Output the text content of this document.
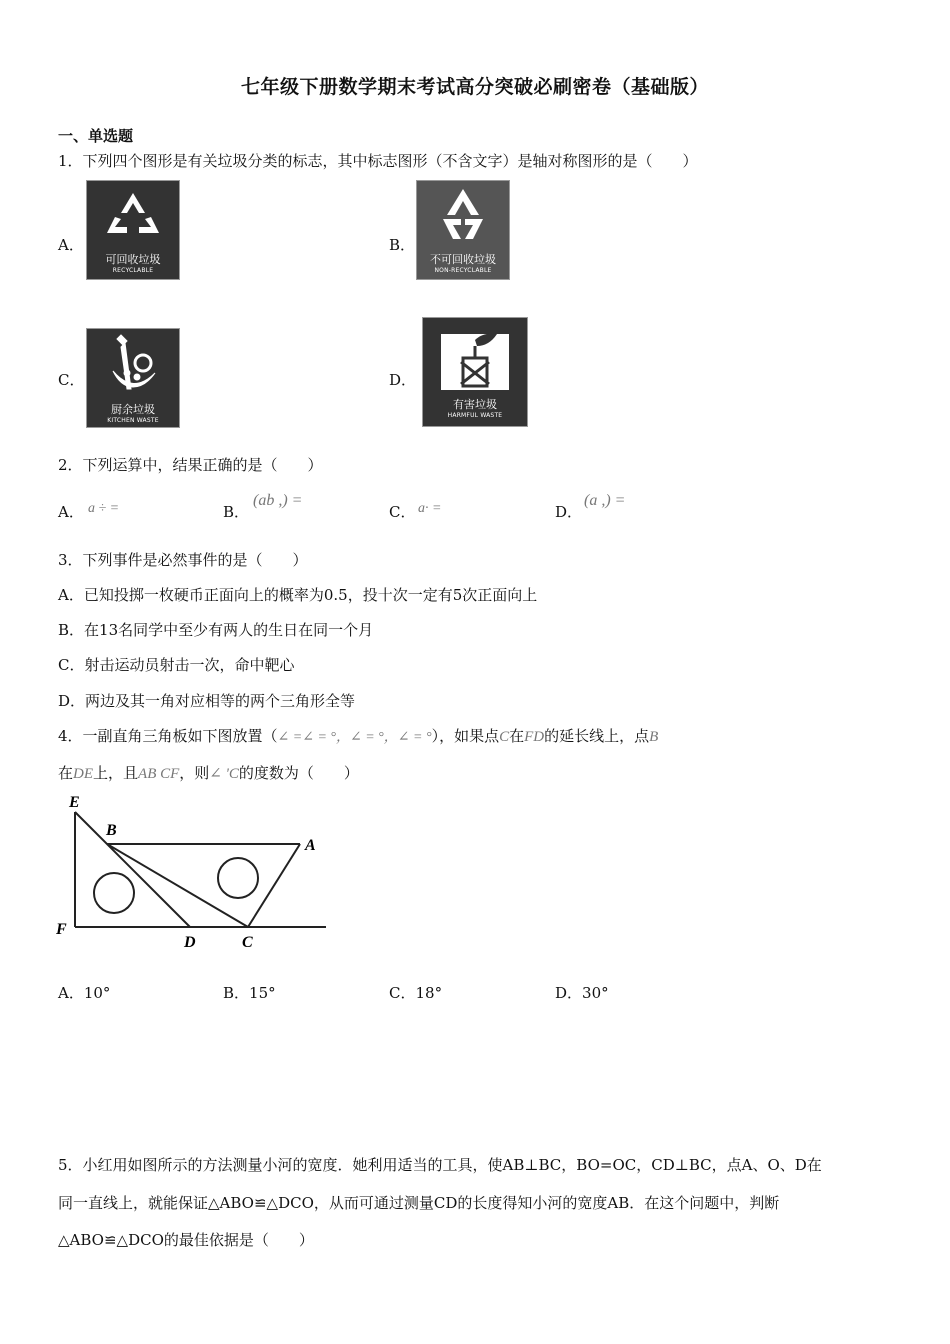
七年级下册数学期末考试高分突破必刷密卷（基础版）
一、单选题
1．下列四个图形是有关垃圾分类的标志，其中标志图形（不含文字）是轴对称图形的是（　　）
A．
可回收垃圾
RECYCLABLE
B．
不可回收垃圾
NON-RECYCLABLE
C．
厨余垃圾
KITCHEN WASTE
D．
有害垃圾
HARMFUL WASTE
2．下列运算中，结果正确的是（　　）
A． a ÷ =	B．
(ab ,) =
C． a· =	D．
(a ,) =
3．下列事件是必然事件的是（　　）
A．已知投掷一枚硬币正面向上的概率为0.5，投十次一定有5次正面向上
B．在13名同学中至少有两人的生日在同一个月
C．射击运动员射击一次，命中靶心
D．两边及其一角对应相等的两个三角形全等
4．一副直角三角板如下图放置（∠ =∠ = °，∠ = °，∠ = °），如果点C在FD的延长线上，点B
在DE上，且AB CF，则∠ 'C的度数为（　　）
E
B
A
F
D	C
A．10°	B．15°	C．18°	D．30°
5．小红用如图所示的方法测量小河的宽度．她利用适当的工具，使AB⊥BC，BO=OC，CD⊥BC，点A、O、D在
同一直线上，就能保证△ABO≌△DCO，从而可通过测量CD的长度得知小河的宽度AB．在这个问题中，判断
△ABO≌△DCO的最佳依据是（　　）
